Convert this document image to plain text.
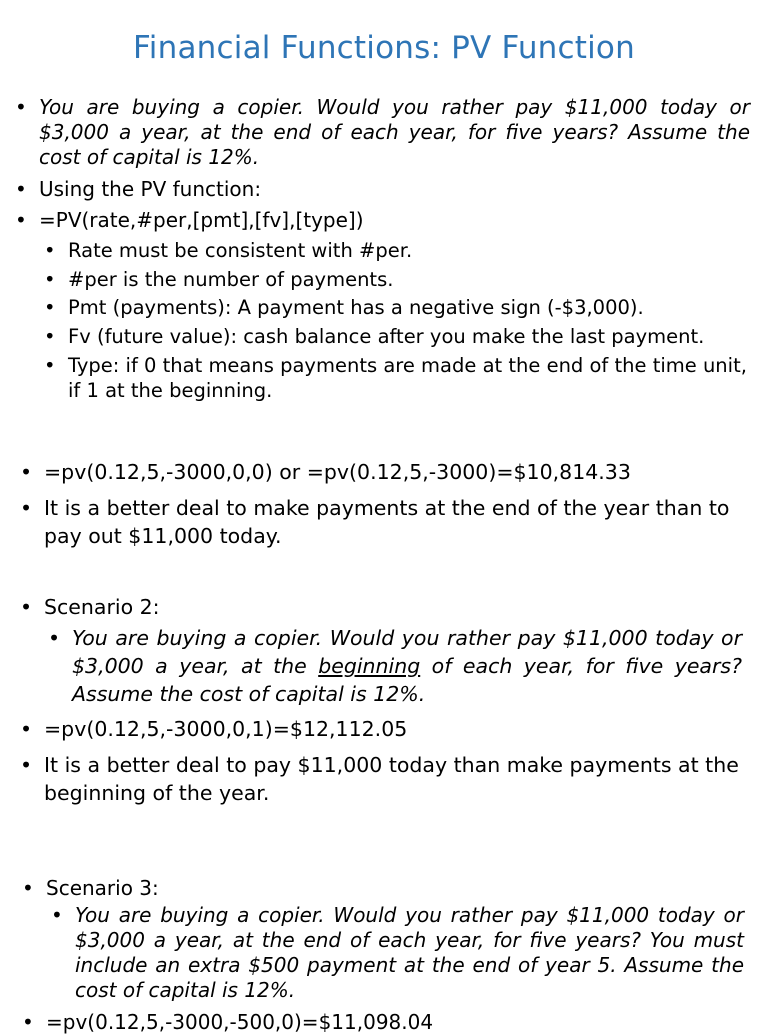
Financial Functions: PV Function
• You are buying a copier. Would you rather pay $11,000 today or $3,000 a year, at the end of each year, for five years? Assume the cost of capital is 12%.
• Using the PV function:
• =PV(rate,#per,[pmt],[fv],[type])
• Rate must be consistent with #per.
• #per is the number of payments.
• Pmt (payments): A payment has a negative sign (-$3,000).
• Fv (future value): cash balance after you make the last payment.
• Type: if 0 that means payments are made at the end of the time unit, if 1 at the beginning.
• =pv(0.12,5,-3000,0,0) or =pv(0.12,5,-3000)=$10,814.33
• It is a better deal to make payments at the end of the year than to pay out $11,000 today.
• Scenario 2:
• You are buying a copier. Would you rather pay $11,000 today or $3,000 a year, at the beginning of each year, for five years? Assume the cost of capital is 12%.
• =pv(0.12,5,-3000,0,1)=$12,112.05
• It is a better deal to pay $11,000 today than make payments at the beginning of the year.
• Scenario 3:
• You are buying a copier. Would you rather pay $11,000 today or $3,000 a year, at the end of each year, for five years? You must include an extra $500 payment at the end of year 5. Assume the cost of capital is 12%.
• =pv(0.12,5,-3000,-500,0)=$11,098.04
